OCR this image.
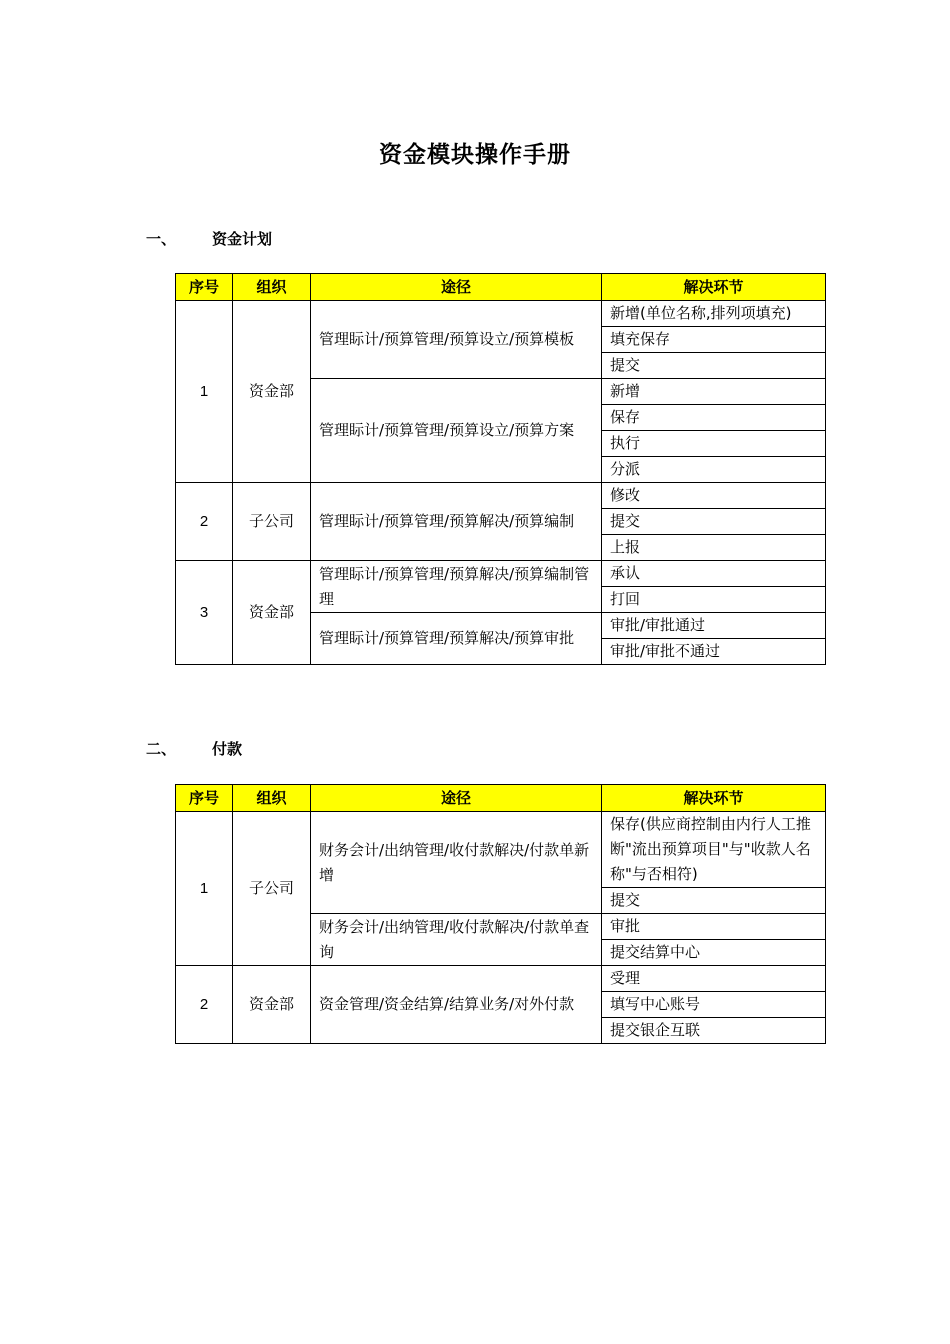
资金模块操作手册
一、 资金计划
序号	组织	途径	解决环节
1	资金部	管理眎计/预算管理/预算设立/预算模板	新增(单位名称,排列项填充)
			填充保存
			提交
		管理眎计/预算管理/预算设立/预算方案	新增
			保存
			执行
			分派
2	子公司	管理眎计/预算管理/预算解决/预算编制	修改
			提交
			上报
3	资金部	管理眎计/预算管理/预算解决/预算编制管理	承认
			打回
		管理眎计/预算管理/预算解决/预算审批	审批/审批通过
			审批/审批不通过
二、 付款
序号	组织	途径	解决环节
1	子公司	财务会计/出纳管理/收付款解决/付款单新增	保存(供应商控制由内行人工推断"流出预算项目"与"收款人名称"与否相符)
			提交
		财务会计/出纳管理/收付款解决/付款单查询	审批
			提交结算中心
2	资金部	资金管理/资金结算/结算业务/对外付款	受理
			填写中心账号
			提交银企互联
